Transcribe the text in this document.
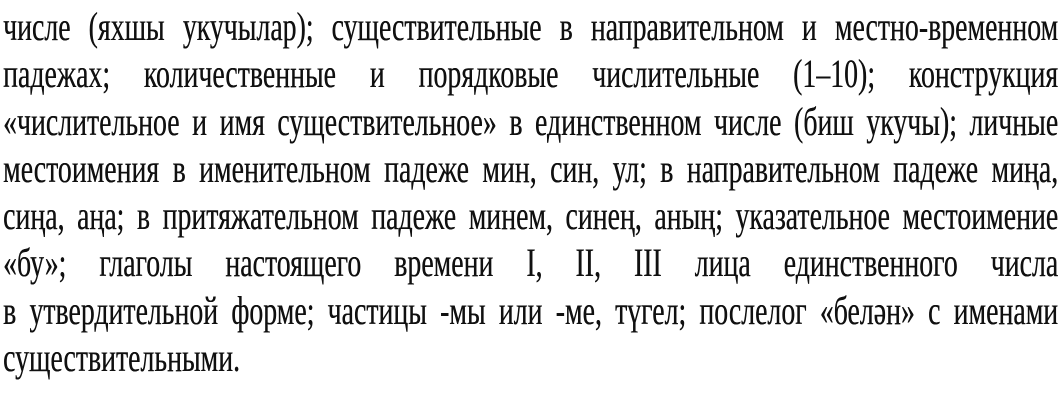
числе (яхшы укучылар); существительные в направительном и местно-временном
падежах; количественные и порядковые числительные (1–10); конструкция
«числительное и имя существительное» в единственном числе (биш укучы); личные
местоимения в именительном падеже мин, син, ул; в направительном падеже миңа,
сиңа, аңа; в притяжательном падеже минем, синең, аның; указательное местоимение
«бу»; глаголы настоящего времени I, II, III лица единственного числа
в утвердительной форме; частицы -мы или -ме, түгел; послелог «белән» с именами
существительными.
